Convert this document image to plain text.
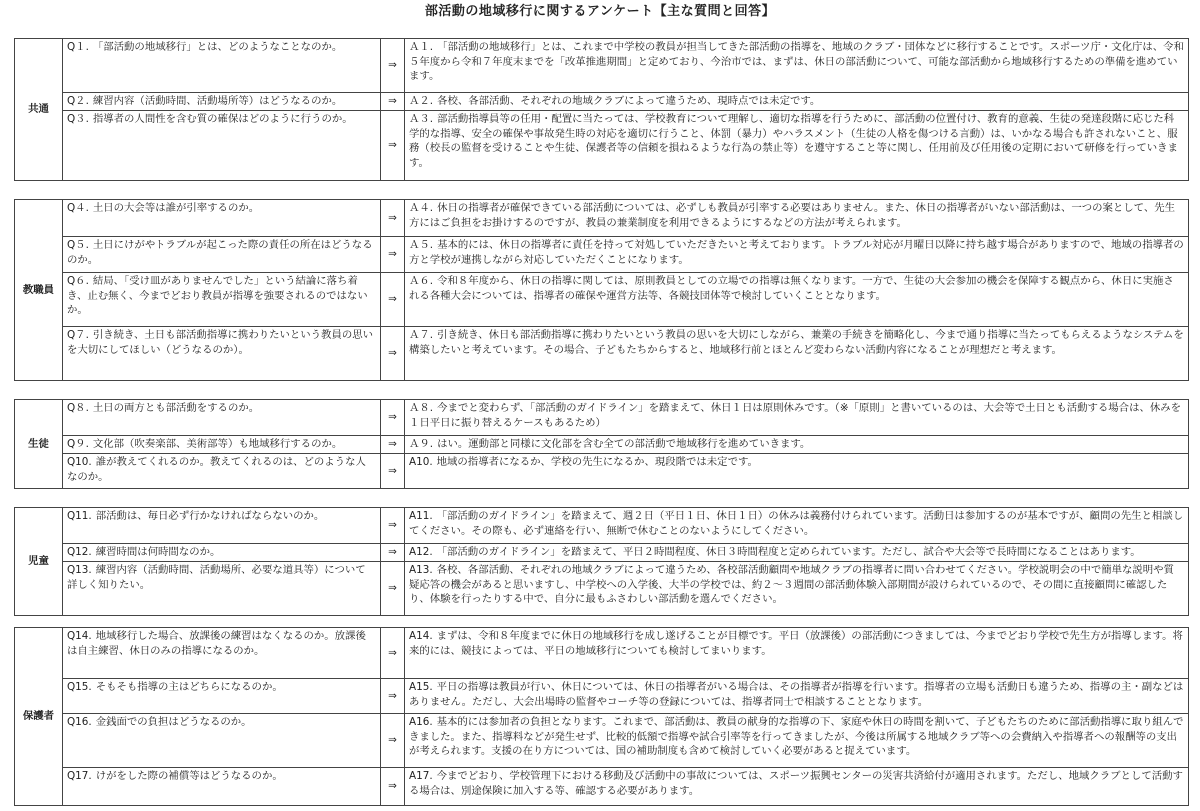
部活動の地域移行に関するアンケート【主な質問と回答】
共通	Q１. 「部活動の地域移行」とは、どのようなことなのか。	⇒	Ａ１. 「部活動の地域移行」とは、これまで中学校の教員が担当してきた部活動の指導を、地域のクラブ・団体などに移行することです。スポーツ庁・文化庁は、令和５年度から令和７年度末までを「改革推進期間」と定めており、今治市では、まずは、休日の部活動について、可能な部活動から地域移行するための準備を進めています。
	Q２. 練習内容（活動時間、活動場所等）はどうなるのか。	⇒	Ａ２. 各校、各部活動、それぞれの地域クラブによって違うため、現時点では未定です。
	Q３. 指導者の人間性を含む質の確保はどのように行うのか。	⇒	Ａ３. 部活動指導員等の任用・配置に当たっては、学校教育について理解し、適切な指導を行うために、部活動の位置付け、教育的意義、生徒の発達段階に応じた科学的な指導、安全の確保や事故発生時の対応を適切に行うこと、体罰（暴力）やハラスメント（生徒の人格を傷つける言動）は、いかなる場合も許されないこと、服務（校長の監督を受けることや生徒、保護者等の信頼を損ねるような行為の禁止等）を遵守すること等に関し、任用前及び任用後の定期において研修を行っていきます。
教職員	Q４. 土日の大会等は誰が引率するのか。	⇒	Ａ４. 休日の指導者が確保できている部活動については、必ずしも教員が引率する必要はありません。また、休日の指導者がいない部活動は、一つの案として、先生方にはご負担をお掛けするのですが、教員の兼業制度を利用できるようにするなどの方法が考えられます。
	Q５. 土日にけがやトラブルが起こった際の責任の所在はどうなるのか。	⇒	Ａ５. 基本的には、休日の指導者に責任を持って対処していただきたいと考えております。トラブル対応が月曜日以降に持ち越す場合がありますので、地域の指導者の方と学校が連携しながら対応していただくことになります。
	Q６. 結局、「受け皿がありませんでした」という結論に落ち着き、止む無く、今までどおり教員が指導を強要されるのではないか。	⇒	Ａ６. 令和８年度から、休日の指導に関しては、原則教員としての立場での指導は無くなります。一方で、生徒の大会参加の機会を保障する観点から、休日に実施される各種大会については、指導者の確保や運営方法等、各競技団体等で検討していくこととなります。
	Q７. 引き続き、土日も部活動指導に携わりたいという教員の思いを大切にしてほしい（どうなるのか）。	⇒	Ａ７. 引き続き、休日も部活動指導に携わりたいという教員の思いを大切にしながら、兼業の手続きを簡略化し、今まで通り指導に当たってもらえるようなシステムを構築したいと考えています。その場合、子どもたちからすると、地域移行前とほとんど変わらない活動内容になることが理想だと考えます。
生徒	Q８. 土日の両方とも部活動をするのか。	⇒	Ａ８. 今までと変わらず、「部活動のガイドライン」を踏まえて、休日１日は原則休みです。（※「原則」と書いているのは、大会等で土日とも活動する場合は、休みを１日平日に振り替えるケースもあるため）
	Q９. 文化部（吹奏楽部、美術部等）も地域移行するのか。	⇒	Ａ９. はい。運動部と同様に文化部を含む全ての部活動で地域移行を進めていきます。
	Q10. 誰が教えてくれるのか。教えてくれるのは、どのような人なのか。	⇒	A10. 地域の指導者になるか、学校の先生になるか、現段階では未定です。
児童	Q11. 部活動は、毎日必ず行かなければならないのか。	⇒	A11. 「部活動のガイドライン」を踏まえて、週２日（平日１日、休日１日）の休みは義務付けられています。活動日は参加するのが基本ですが、顧問の先生と相談してください。その際も、必ず連絡を行い、無断で休むことのないようにしてください。
	Q12. 練習時間は何時間なのか。	⇒	A12. 「部活動のガイドライン」を踏まえて、平日２時間程度、休日３時間程度と定められています。ただし、試合や大会等で長時間になることはあります。
	Q13. 練習内容（活動時間、活動場所、必要な道具等）について詳しく知りたい。	⇒	A13. 各校、各部活動、それぞれの地域クラブによって違うため、各校部活動顧問や地域クラブの指導者に問い合わせてください。学校説明会の中で簡単な説明や質疑応答の機会があると思いますし、中学校への入学後、大半の学校では、約２～３週間の部活動体験入部期間が設けられているので、その間に直接顧問に確認したり、体験を行ったりする中で、自分に最もふさわしい部活動を選んでください。
保護者	Q14. 地域移行した場合、放課後の練習はなくなるのか。放課後は自主練習、休日のみの指導になるのか。	⇒	A14. まずは、令和８年度までに休日の地域移行を成し遂げることが目標です。平日（放課後）の部活動につきましては、今までどおり学校で先生方が指導します。将来的には、競技によっては、平日の地域移行についても検討してまいります。
	Q15. そもそも指導の主はどちらになるのか。	⇒	A15. 平日の指導は教員が行い、休日については、休日の指導者がいる場合は、その指導者が指導を行います。指導者の立場も活動日も違うため、指導の主・副などはありません。ただし、大会出場時の監督やコーチ等の登録については、指導者同士で相談することとなります。
	Q16. 金銭面での負担はどうなるのか。	⇒	A16. 基本的には参加者の負担となります。これまで、部活動は、教員の献身的な指導の下、家庭や休日の時間を割いて、子どもたちのために部活動指導に取り組んできました。また、指導料などが発生せず、比較的低額で指導や試合引率等を行ってきましたが、今後は所属する地域クラブ等への会費納入や指導者への報酬等の支出が考えられます。支援の在り方については、国の補助制度も含めて検討していく必要があると捉えています。
	Q17. けがをした際の補償等はどうなるのか。	⇒	A17. 今までどおり、学校管理下における移動及び活動中の事故については、スポーツ振興センターの災害共済給付が適用されます。ただし、地域クラブとして活動する場合は、別途保険に加入する等、確認する必要があります。
